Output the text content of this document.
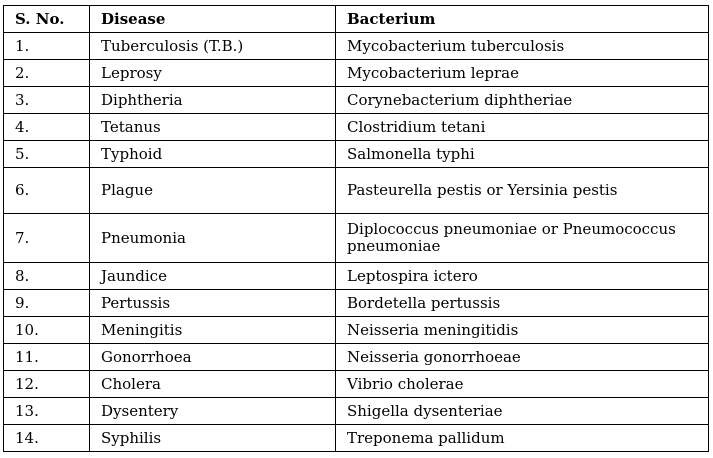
S. No.	Disease	Bacterium
1.	Tuberculosis (T.B.)	Mycobacterium tuberculosis
2.	Leprosy	Mycobacterium leprae
3.	Diphtheria	Corynebacterium diphtheriae
4.	Tetanus	Clostridium tetani
5.	Typhoid	Salmonella typhi
6.	Plague	Pasteurella pestis or Yersinia pestis
7.	Pneumonia	Diplococcus pneumoniae or Pneumococcus pneumoniae
8.	Jaundice	Leptospira ictero
9.	Pertussis	Bordetella pertussis
10.	Meningitis	Neisseria meningitidis
11.	Gonorrhoea	Neisseria gonorrhoeae
12.	Cholera	Vibrio cholerae
13.	Dysentery	Shigella dysenteriae
14.	Syphilis	Treponema pallidum
